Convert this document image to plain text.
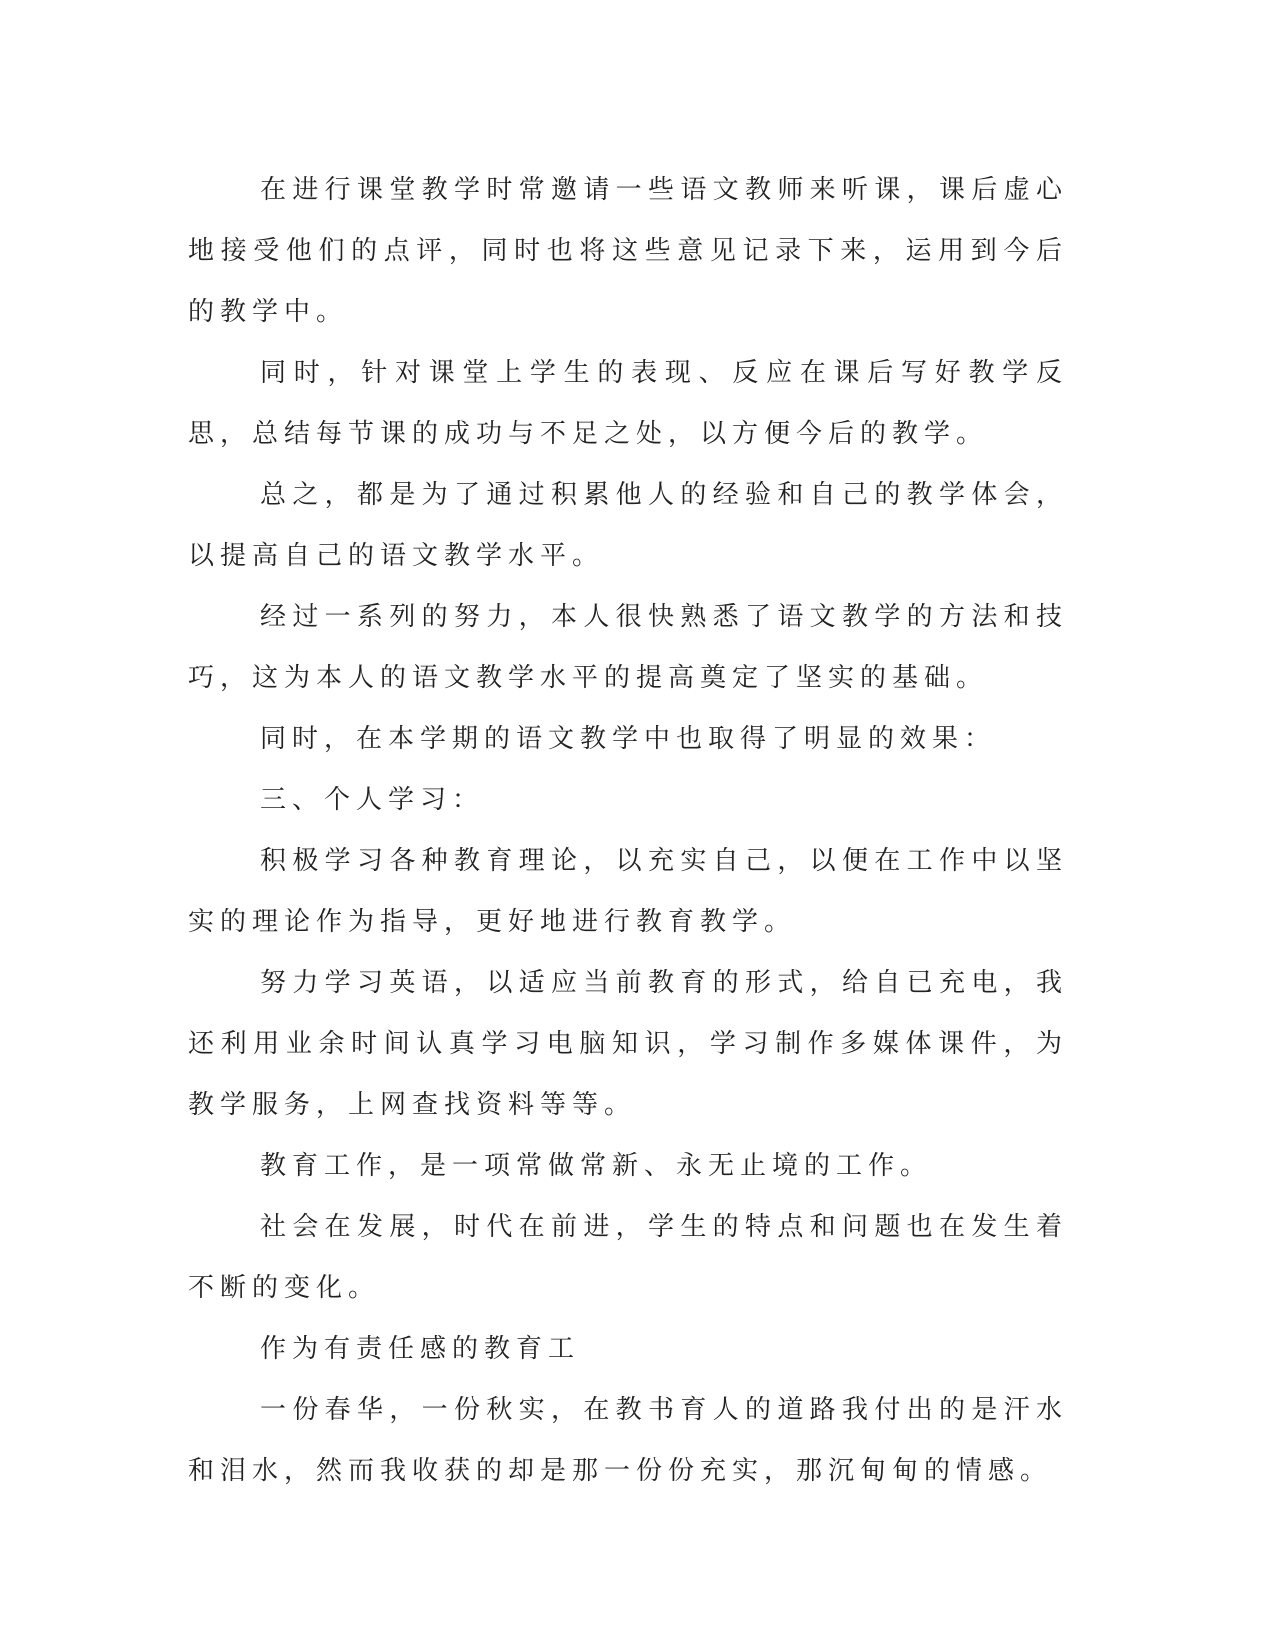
在进行课堂教学时常邀请一些语文教师来听课，课后虚心地接受他们的点评，同时也将这些意见记录下来，运用到今后的教学中。

同时，针对课堂上学生的表现、反应在课后写好教学反思，总结每节课的成功与不足之处，以方便今后的教学。

总之，都是为了通过积累他人的经验和自己的教学体会，以提高自己的语文教学水平。

经过一系列的努力，本人很快熟悉了语文教学的方法和技巧，这为本人的语文教学水平的提高奠定了坚实的基础。

同时，在本学期的语文教学中也取得了明显的效果：

三、个人学习：

积极学习各种教育理论，以充实自己，以便在工作中以坚实的理论作为指导，更好地进行教育教学。

努力学习英语，以适应当前教育的形式，给自已充电，我还利用业余时间认真学习电脑知识，学习制作多媒体课件，为教学服务，上网查找资料等等。

教育工作，是一项常做常新、永无止境的工作。

社会在发展，时代在前进，学生的特点和问题也在发生着不断的变化。

作为有责任感的教育工

一份春华，一份秋实，在教书育人的道路我付出的是汗水和泪水，然而我收获的却是那一份份充实，那沉甸甸的情感。
